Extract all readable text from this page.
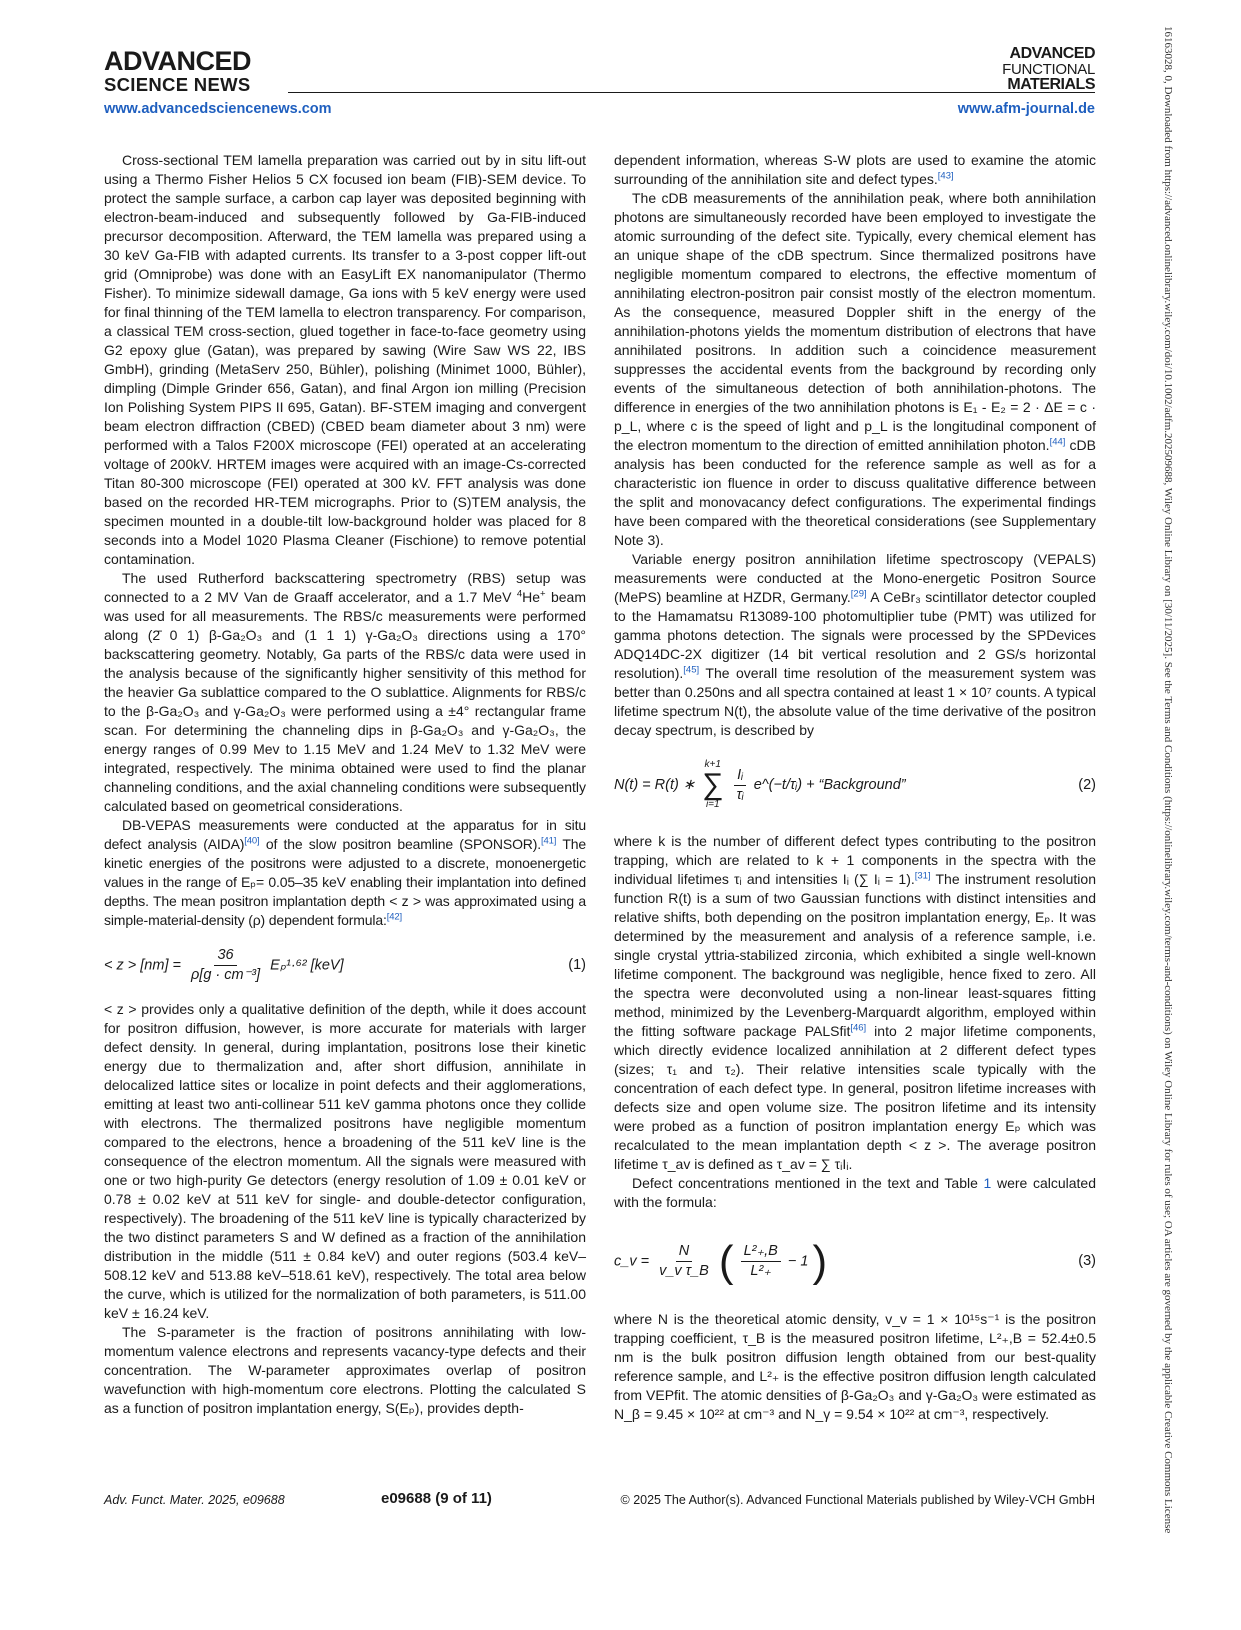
ADVANCED
SCIENCE NEWS
ADVANCED
FUNCTIONAL
MATERIALS
www.advancedsciencenews.com	www.afm-journal.de

Cross-sectional TEM lamella preparation was carried out by in situ lift-out using a Thermo Fisher Helios 5 CX focused ion beam (FIB)-SEM device. To protect the sample surface, a carbon cap layer was deposited beginning with electron-beam-induced and subsequently followed by Ga-FIB-induced precursor decomposition. Afterward, the TEM lamella was prepared using a 30 keV Ga-FIB with adapted currents. Its transfer to a 3-post copper lift-out grid (Omniprobe) was done with an EasyLift EX nanomanipulator (Thermo Fisher). To minimize sidewall damage, Ga ions with 5 keV energy were used for final thinning of the TEM lamella to electron transparency. For comparison, a classical TEM cross-section, glued together in face-to-face geometry using G2 epoxy glue (Gatan), was prepared by sawing (Wire Saw WS 22, IBS GmbH), grinding (MetaServ 250, Bühler), polishing (Minimet 1000, Bühler), dimpling (Dimple Grinder 656, Gatan), and final Argon ion milling (Precision Ion Polishing System PIPS II 695, Gatan). BF-STEM imaging and convergent beam electron diffraction (CBED) (CBED beam diameter about 3 nm) were performed with a Talos F200X microscope (FEI) operated at an accelerating voltage of 200kV. HRTEM images were acquired with an image-Cs-corrected Titan 80-300 microscope (FEI) operated at 300 kV. FFT analysis was done based on the recorded HR-TEM micrographs. Prior to (S)TEM analysis, the specimen mounted in a double-tilt low-background holder was placed for 8 seconds into a Model 1020 Plasma Cleaner (Fischione) to remove potential contamination.

The used Rutherford backscattering spectrometry (RBS) setup was connected to a 2 MV Van de Graaff accelerator, and a 1.7 MeV $^4$He+ beam was used for all measurements. The RBS/c measurements were performed along (2̄ 0 1) β-Ga₂O₃ and (1 1 1) γ-Ga₂O₃ directions using a 170° backscattering geometry. Notably, Ga parts of the RBS/c data were used in the analysis because of the significantly higher sensitivity of this method for the heavier Ga sublattice compared to the O sublattice. Alignments for RBS/c to the β-Ga₂O₃ and γ-Ga₂O₃ were performed using a ±4° rectangular frame scan. For determining the channeling dips in β-Ga₂O₃ and γ-Ga₂O₃, the energy ranges of 0.99 Mev to 1.15 MeV and 1.24 MeV to 1.32 MeV were integrated, respectively. The minima obtained were used to find the planar channeling conditions, and the axial channeling conditions were subsequently calculated based on geometrical considerations.

DB-VEPAS measurements were conducted at the apparatus for in situ defect analysis (AIDA)[40] of the slow positron beamline (SPONSOR).[41] The kinetic energies of the positrons were adjusted to a discrete, monoenergetic values in the range of Eₚ= 0.05–35 keV enabling their implantation into defined depths. The mean positron implantation depth < z > was approximated using a simple-material-density (ρ) dependent formula:[42]

< $z > [nm] = \frac{36}{\text{ρ[g · cm⁻³]}} E_p^1\cdot^{62}$ [keV]	(1)

< z > provides only a qualitative definition of the depth, while it does account for positron diffusion, however, is more accurate for materials with larger defect density. In general, during implantation, positrons lose their kinetic energy due to thermalization and, after short diffusion, annihilate in delocalized lattice sites or localize in point defects and their agglomerations, emitting at least two anti-collinear 511 keV gamma photons once they collide with electrons. The thermalized positrons have negligible momentum compared to the electrons, hence a broadening of the 511 keV line is the consequence of the electron momentum. All the signals were measured with one or two high-purity Ge detectors (energy resolution of 1.09 ± 0.01 keV or 0.78 ± 0.02 keV at 511 keV for single- and double-detector configuration, respectively). The broadening of the 511 keV line is typically characterized by the two distinct parameters S and W defined as a fraction of the annihilation distribution in the middle (511 ± 0.84 keV) and outer regions (503.4 keV–508.12 keV and 513.88 keV–518.61 keV), respectively. The total area below the curve, which is utilized for the normalization of both parameters, is 511.00 keV ± 16.24 keV.

The S-parameter is the fraction of positrons annihilating with low-momentum valence electrons and represents vacancy-type defects and their concentration. The W-parameter approximates overlap of positron wavefunction with high-momentum core electrons. Plotting the calculated S as a function of positron implantation energy, S(Eₚ), provides depth-

dependent information, whereas S-W plots are used to examine the atomic surrounding of the annihilation site and defect types.[43]

The cDB measurements of the annihilation peak, where both annihilation photons are simultaneously recorded have been employed to investigate the atomic surrounding of the defect site. Typically, every chemical element has an unique shape of the cDB spectrum. Since thermalized positrons have negligible momentum compared to electrons, the effective momentum of annihilating electron-positron pair consist mostly of the electron momentum. As the consequence, measured Doppler shift in the energy of the annihilation-photons yields the momentum distribution of electrons that have annihilated positrons. In addition such a coincidence measurement suppresses the accidental events from the background by recording only events of the simultaneous detection of both annihilation-photons. The difference in energies of the two annihilation photons is E₁ - E₂ = 2 · ΔE = c · p_L, where c is the speed of light and p_L is the longitudinal component of the electron momentum to the direction of emitted annihilation photon.[44] cDB analysis has been conducted for the reference sample as well as for a characteristic ion fluence in order to discuss qualitative difference between the split and monovacancy defect configurations. The experimental findings have been compared with the theoretical considerations (see Supplementary Note 3).

Variable energy positron annihilation lifetime spectroscopy (VEPALS) measurements were conducted at the Mono-energetic Positron Source (MePS) beamline at HZDR, Germany.[29] A CeBr₃ scintillator detector coupled to the Hamamatsu R13089-100 photomultiplier tube (PMT) was utilized for gamma photons detection. The signals were processed by the SPDevices ADQ14DC-2X digitizer (14 bit vertical resolution and 2 GS/s horizontal resolution).[45] The overall time resolution of the measurement system was better than 0.250ns and all spectra contained at least 1 × 10⁷ counts. A typical lifetime spectrum N(t), the absolute value of the time derivative of the positron decay spectrum, is described by

N(t) = R(t) ∗
k+1
∑
i=1
$\frac{\text{Iᵢ}}{\text{τᵢ}}$ e^(−t/τᵢ) + “Background”	(2)

where k is the number of different defect types contributing to the positron trapping, which are related to k + 1 components in the spectra with the individual lifetimes τᵢ and intensities Iᵢ (∑ Iᵢ = 1).[31] The instrument resolution function R(t) is a sum of two Gaussian functions with distinct intensities and relative shifts, both depending on the positron implantation energy, Eₚ. It was determined by the measurement and analysis of a reference sample, i.e. single crystal yttria-stabilized zirconia, which exhibited a single well-known lifetime component. The background was negligible, hence fixed to zero. All the spectra were deconvoluted using a non-linear least-squares fitting method, minimized by the Levenberg-Marquardt algorithm, employed within the fitting software package PALSfit[46] into 2 major lifetime components, which directly evidence localized annihilation at 2 different defect types (sizes; τ₁ and τ₂). Their relative intensities scale typically with the concentration of each defect type. In general, positron lifetime increases with defects size and open volume size. The positron lifetime and its intensity were probed as a function of positron implantation energy Eₚ which was recalculated to the mean implantation depth < z >. The average positron lifetime τ_av is defined as τ_av = ∑ τᵢIᵢ.

Defect concentrations mentioned in the text and Table 1 were calculated with the formula:

c_v = $\frac{N}{\text{v\_v τ\_B}}$ ( $\frac{\text{L²₊,B}}{\text{L²₊}} - 1$ )	(3)

where N is the theoretical atomic density, v_v = 1 × 10¹⁵s⁻¹ is the positron trapping coefficient, τ_B is the measured positron lifetime, L²₊,B = 52.4±0.5 nm is the bulk positron diffusion length obtained from our best-quality reference sample, and L²₊ is the effective positron diffusion length calculated from VEPfit. The atomic densities of β-Ga₂O₃ and γ-Ga₂O₃ were estimated as N_β = 9.45 × 10²² at cm⁻³ and N_γ = 9.54 × 10²² at cm⁻³, respectively.	16163028, 0, Downloaded from https://advanced.onlinelibrary.wiley.com/doi/10.1002/adfm.202509688, Wiley Online Library on [30/11/2025]. See the Terms and Conditions (https://onlinelibrary.wiley.com/terms-and-conditions) on Wiley Online Library for rules of use; OA articles are governed by the applicable Creative Commons License
Adv. Funct. Mater. 2025, e09688	e09688 (9 of 11)	© 2025 The Author(s). Advanced Functional Materials published by Wiley-VCH GmbH
